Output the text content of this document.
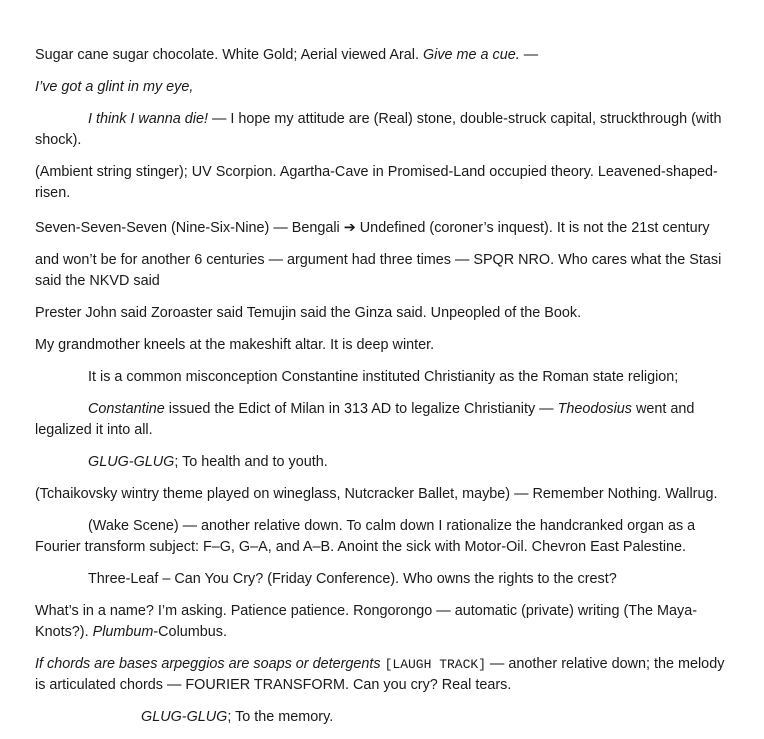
Sugar cane sugar chocolate. White Gold; Aerial viewed Aral. Give me a cue. —

I’ve got a glint in my eye,

I think I wanna die! — I hope my attitude are (Real) stone, double-struck capital, struckthrough (with shock).

(Ambient string stinger); UV Scorpion. Agartha-Cave in Promised-Land occupied theory. Leavened-shaped-risen.

Seven-Seven-Seven (Nine-Six-Nine) — Bengali ➔ Undefined (coroner’s inquest). It is not the 21st century

and won’t be for another 6 centuries — argument had three times — SPQR NRO. Who cares what the Stasi said the NKVD said

Prester John said Zoroaster said Temujin said the Ginza said. Unpeopled of the Book.

My grandmother kneels at the makeshift altar. It is deep winter.

It is a common misconception Constantine instituted Christianity as the Roman state religion;

Constantine issued the Edict of Milan in 313 AD to legalize Christianity — Theodosius went and legalized it into all.

GLUG-GLUG; To health and to youth.

(Tchaikovsky wintry theme played on wineglass, Nutcracker Ballet, maybe) — Remember Nothing. Wallrug.

(Wake Scene) — another relative down. To calm down I rationalize the handcranked organ as a Fourier transform subject: F–G, G–A, and A–B. Anoint the sick with Motor-Oil. Chevron East Palestine.

Three-Leaf – Can You Cry? (Friday Conference). Who owns the rights to the crest?

What’s in a name? I’m asking. Patience patience. Rongorongo — automatic (private) writing (The Maya-Knots?). Plumbum-Columbus.

If chords are bases arpeggios are soaps or detergents [LAUGH TRACK] — another relative down; the melody is articulated chords — FOURIER TRANSFORM. Can you cry? Real tears.

GLUG-GLUG; To the memory.
